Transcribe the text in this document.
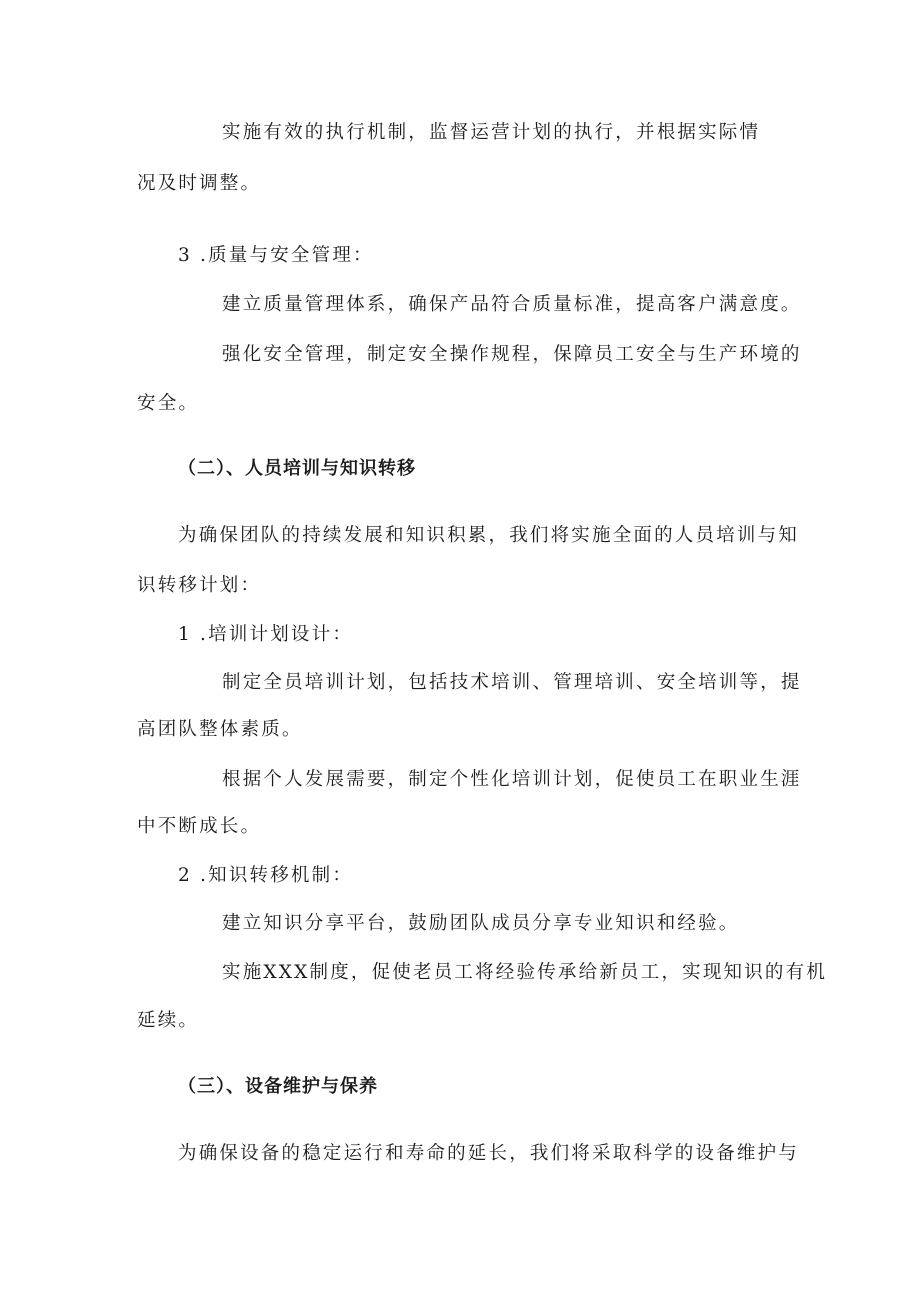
实施有效的执行机制，监督运营计划的执行，并根据实际情
况及时调整。
3 .质量与安全管理：
建立质量管理体系，确保产品符合质量标准，提高客户满意度。
强化安全管理，制定安全操作规程，保障员工安全与生产环境的
安全。
（二）、人员培训与知识转移
为确保团队的持续发展和知识积累，我们将实施全面的人员培训与知
识转移计划：
1 .培训计划设计：
制定全员培训计划，包括技术培训、管理培训、安全培训等，提
高团队整体素质。
根据个人发展需要，制定个性化培训计划，促使员工在职业生涯
中不断成长。
2 .知识转移机制：
建立知识分享平台，鼓励团队成员分享专业知识和经验。
实施XXX制度，促使老员工将经验传承给新员工，实现知识的有机
延续。
（三）、设备维护与保养
为确保设备的稳定运行和寿命的延长，我们将采取科学的设备维护与
